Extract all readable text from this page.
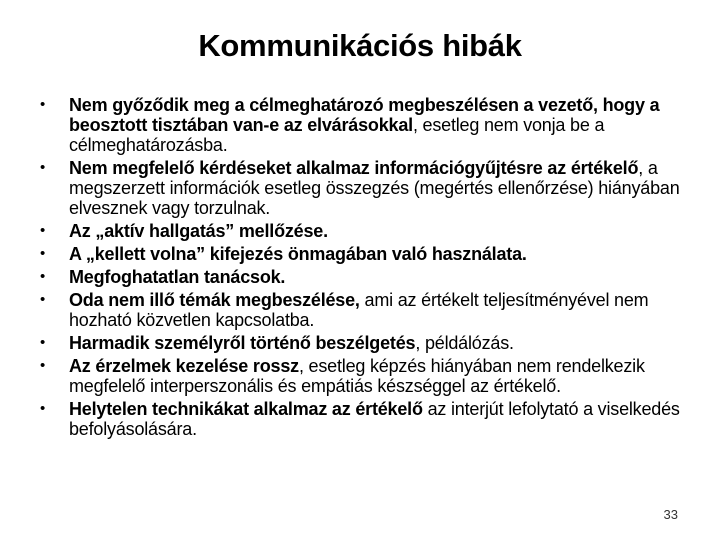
Kommunikációs hibák
• Nem győződik meg a célmeghatározó megbeszélésen a vezető, hogy a beosztott tisztában van-e az elvárásokkal, esetleg nem vonja be a célmeghatározásba.
• Nem megfelelő kérdéseket alkalmaz információgyűjtésre az értékelő, a megszerzett információk esetleg összegzés (megértés ellenőrzése) hiányában elvesznek vagy torzulnak.
• Az „aktív hallgatás” mellőzése.
• A „kellett volna” kifejezés önmagában való használata.
• Megfoghatatlan tanácsok.
• Oda nem illő témák megbeszélése, ami az értékelt teljesítményével nem hozható közvetlen kapcsolatba.
• Harmadik személyről történő beszélgetés, példálózás.
• Az érzelmek kezelése rossz, esetleg képzés hiányában nem rendelkezik megfelelő interperszonális és empátiás készséggel az értékelő.
• Helytelen technikákat alkalmaz az értékelő az interjút lefolytató a viselkedés befolyásolására.
33
